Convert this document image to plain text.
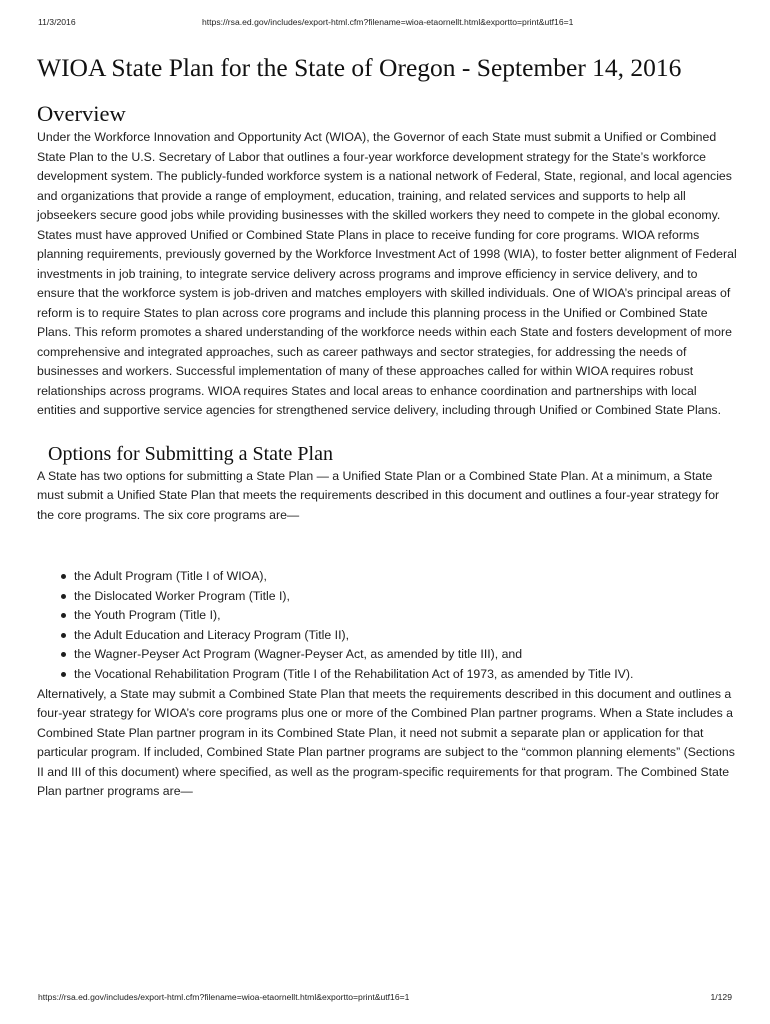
11/3/2016	https://rsa.ed.gov/includes/export-html.cfm?filename=wioa-etaornellt.html&exportto=print&utf16=1
WIOA State Plan for the State of Oregon - September 14, 2016
Overview

Under the Workforce Innovation and Opportunity Act (WIOA), the Governor of each State must submit a Unified or Combined State Plan to the U.S. Secretary of Labor that outlines a four-year workforce development strategy for the State’s workforce development system. The publicly-funded workforce system is a national network of Federal, State, regional, and local agencies and organizations that provide a range of employment, education, training, and related services and supports to help all jobseekers secure good jobs while providing businesses with the skilled workers they need to compete in the global economy. States must have approved Unified or Combined State Plans in place to receive funding for core programs. WIOA reforms planning requirements, previously governed by the Workforce Investment Act of 1998 (WIA), to foster better alignment of Federal investments in job training, to integrate service delivery across programs and improve efficiency in service delivery, and to ensure that the workforce system is job-driven and matches employers with skilled individuals. One of WIOA’s principal areas of reform is to require States to plan across core programs and include this planning process in the Unified or Combined State Plans. This reform promotes a shared understanding of the workforce needs within each State and fosters development of more comprehensive and integrated approaches, such as career pathways and sector strategies, for addressing the needs of businesses and workers. Successful implementation of many of these approaches called for within WIOA requires robust relationships across programs. WIOA requires States and local areas to enhance coordination and partnerships with local entities and supportive service agencies for strengthened service delivery, including through Unified or Combined State Plans.

Options for Submitting a State Plan

A State has two options for submitting a State Plan — a Unified State Plan or a Combined State Plan. At a minimum, a State must submit a Unified State Plan that meets the requirements described in this document and outlines a four-year strategy for the core programs. The six core programs are—

the Adult Program (Title I of WIOA),
the Dislocated Worker Program (Title I),
the Youth Program (Title I),
the Adult Education and Literacy Program (Title II),
the Wagner-Peyser Act Program (Wagner-Peyser Act, as amended by title III), and
the Vocational Rehabilitation Program (Title I of the Rehabilitation Act of 1973, as amended by Title IV).

Alternatively, a State may submit a Combined State Plan that meets the requirements described in this document and outlines a four-year strategy for WIOA’s core programs plus one or more of the Combined Plan partner programs. When a State includes a Combined State Plan partner program in its Combined State Plan, it need not submit a separate plan or application for that particular program. If included, Combined State Plan partner programs are subject to the “common planning elements” (Sections II and III of this document) where specified, as well as the program-specific requirements for that program. The Combined State Plan partner programs are—

https://rsa.ed.gov/includes/export-html.cfm?filename=wioa-etaornellt.html&exportto=print&utf16=1	1/129
